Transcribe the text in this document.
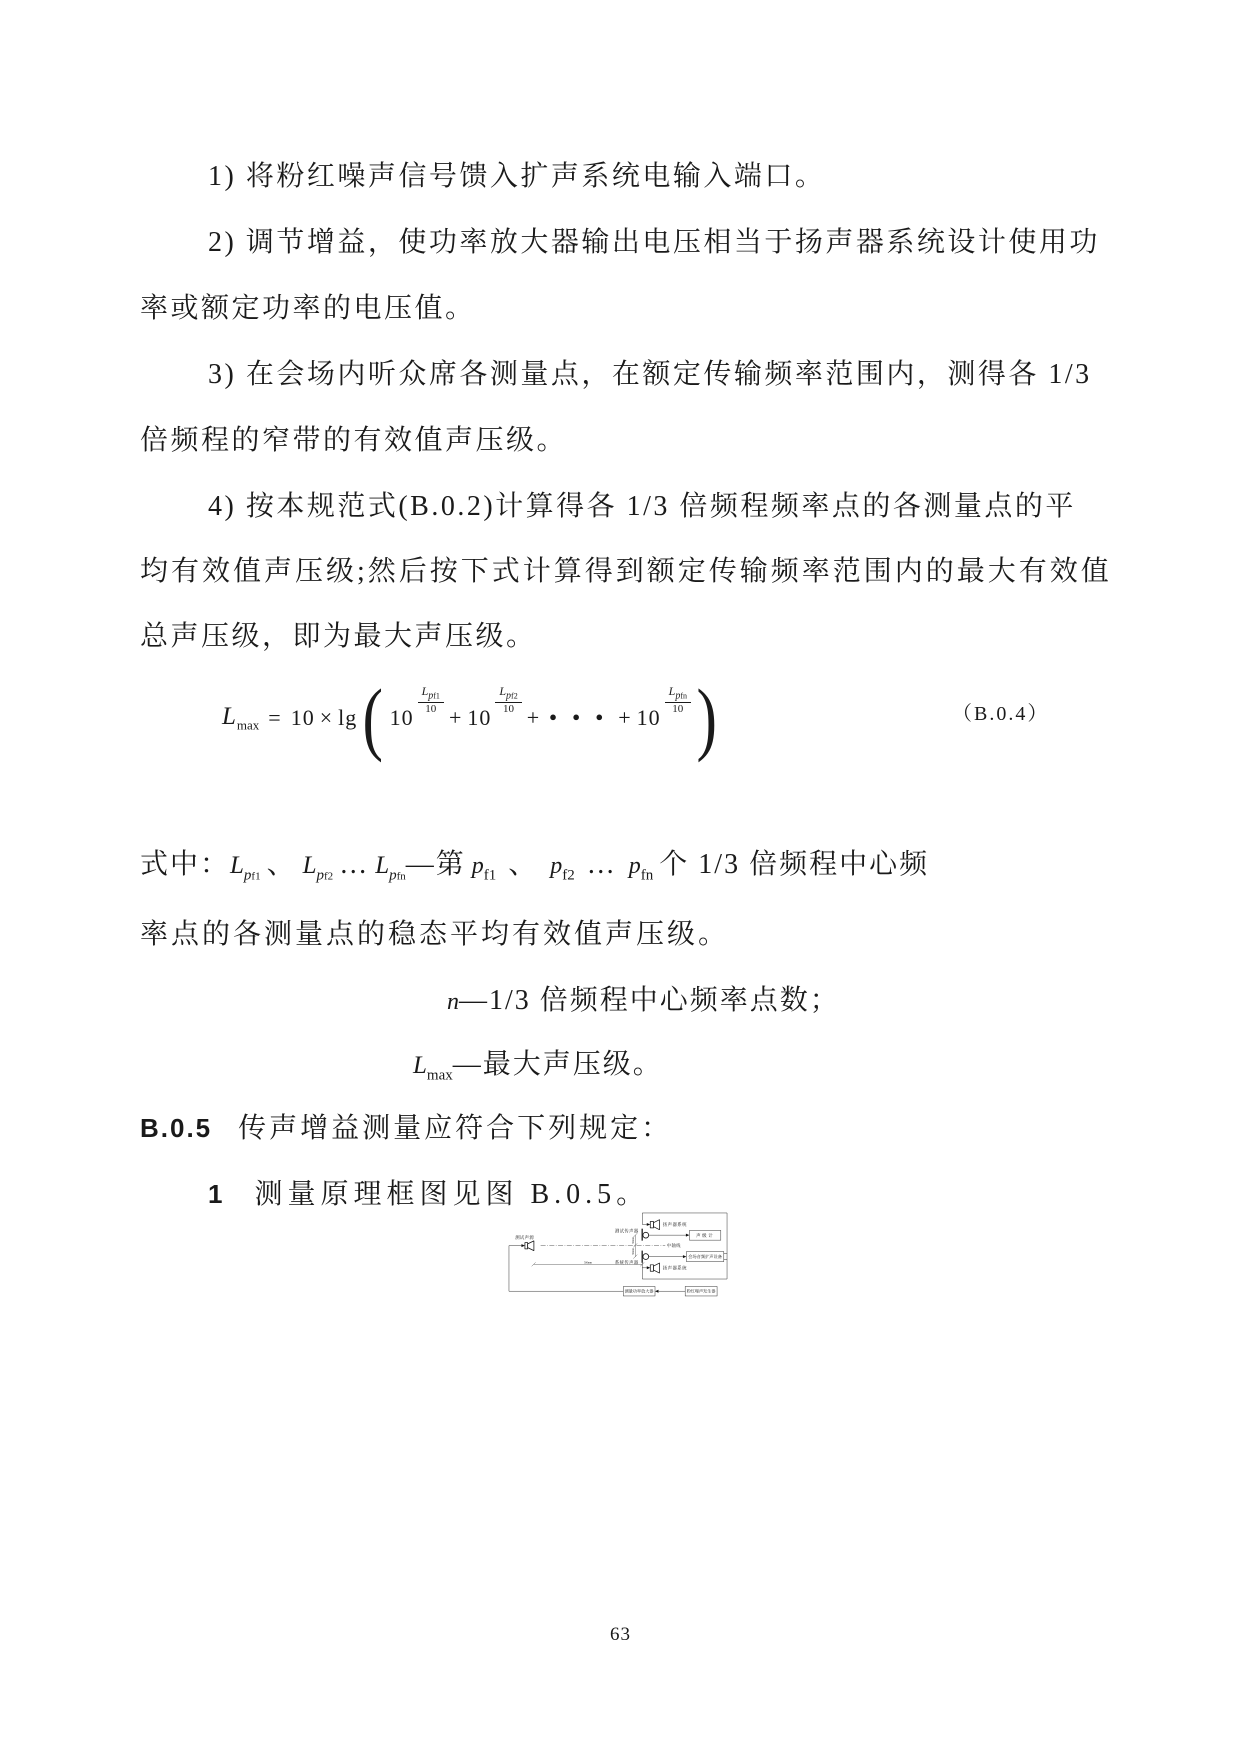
1) 将粉红噪声信号馈入扩声系统电输入端口。
2) 调节增益，使功率放大器输出电压相当于扬声器系统设计使用功
率或额定功率的电压值。
3) 在会场内听众席各测量点，在额定传输频率范围内，测得各 1/3
倍频程的窄带的有效值声压级。
4) 按本规范式(B.0.2)计算得各 1/3 倍频程频率点的各测量点的平
均有效值声压级;然后按下式计算得到额定传输频率范围内的最大有效值
总声压级，即为最大声压级。
$L_{max} = 10 \times \lg$ ( 10
$\frac{L_{pf1}}{10}$
+ 10
$\frac{L_{pf2}}{10}$
+ ● ● ● + 10
$\frac{L_{pfn}}{10}$ )	（B.0.4）
式中： $L_{pf1}$ 、 $L_{pf2}$ … $L_{pfn}$ —第 $p_{f1}$ 、 $p_{f2}$ … $p_{fn}$ 个 1/3 倍频程中心频
率点的各测量点的稳态平均有效值声压级。
n —1/3 倍频程中心频率点数；
$L_{max}$ —最大声压级。
B.0.5 传声增益测量应符合下列规定：
1 测量原理框图见图 B.0.5。
测试声源
测试传声器
系统传声器
扬声器系统
扬声器系统
中轴线
声级计
会场音频扩声设备
测量功率放大器 粉红噪声发生器
500mm
50mm
50mm
63
